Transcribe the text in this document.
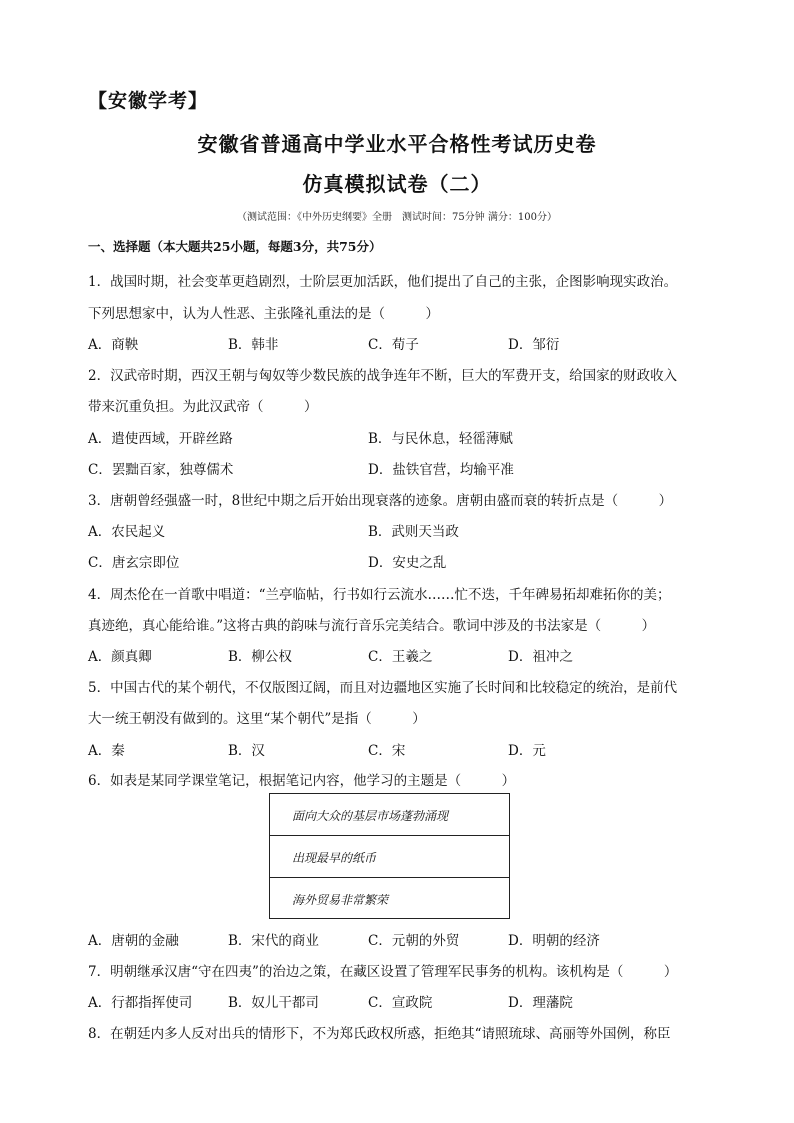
【安徽学考】
安徽省普通高中学业水平合格性考试历史卷
仿真模拟试卷（二）
（测试范围：《中外历史纲要》全册　测试时间：75分钟 满分：100分）
一、选择题（本大题共25小题，每题3分，共75分）
1．战国时期，社会变革更趋剧烈，士阶层更加活跃，他们提出了自己的主张，企图影响现实政治。
下列思想家中，认为人性恶、主张隆礼重法的是（　　　）
A．商鞅	B．韩非	C．荀子	D．邹衍
2．汉武帝时期，西汉王朝与匈奴等少数民族的战争连年不断，巨大的军费开支，给国家的财政收入
带来沉重负担。为此汉武帝（　　　）
A．遣使西域，开辟丝路	B．与民休息，轻徭薄赋
C．罢黜百家，独尊儒术	D．盐铁官营，均输平准
3．唐朝曾经强盛一时，8世纪中期之后开始出现衰落的迹象。唐朝由盛而衰的转折点是（　　　）
A．农民起义	B．武则天当政
C．唐玄宗即位	D．安史之乱
4．周杰伦在一首歌中唱道：“兰亭临帖，行书如行云流水……忙不迭，千年碑易拓却难拓你的美；
真迹绝，真心能给谁。”这将古典的韵味与流行音乐完美结合。歌词中涉及的书法家是（　　　）
A．颜真卿	B．柳公权	C．王羲之	D．祖冲之
5．中国古代的某个朝代，不仅版图辽阔，而且对边疆地区实施了长时间和比较稳定的统治，是前代
大一统王朝没有做到的。这里“某个朝代”是指（　　　）
A．秦	B．汉	C．宋	D．元
6．如表是某同学课堂笔记，根据笔记内容，他学习的主题是（　　　）
面向大众的基层市场蓬勃涌现
出现最早的纸币
海外贸易非常繁荣
A．唐朝的金融	B．宋代的商业	C．元朝的外贸	D．明朝的经济
7．明朝继承汉唐“守在四夷”的治边之策，在藏区设置了管理军民事务的机构。该机构是（　　　）
A．行都指挥使司	B．奴儿干都司	C．宣政院	D．理藩院
8．在朝廷内多人反对出兵的情形下，不为郑氏政权所惑，拒绝其“请照琉球、高丽等外国例，称臣
